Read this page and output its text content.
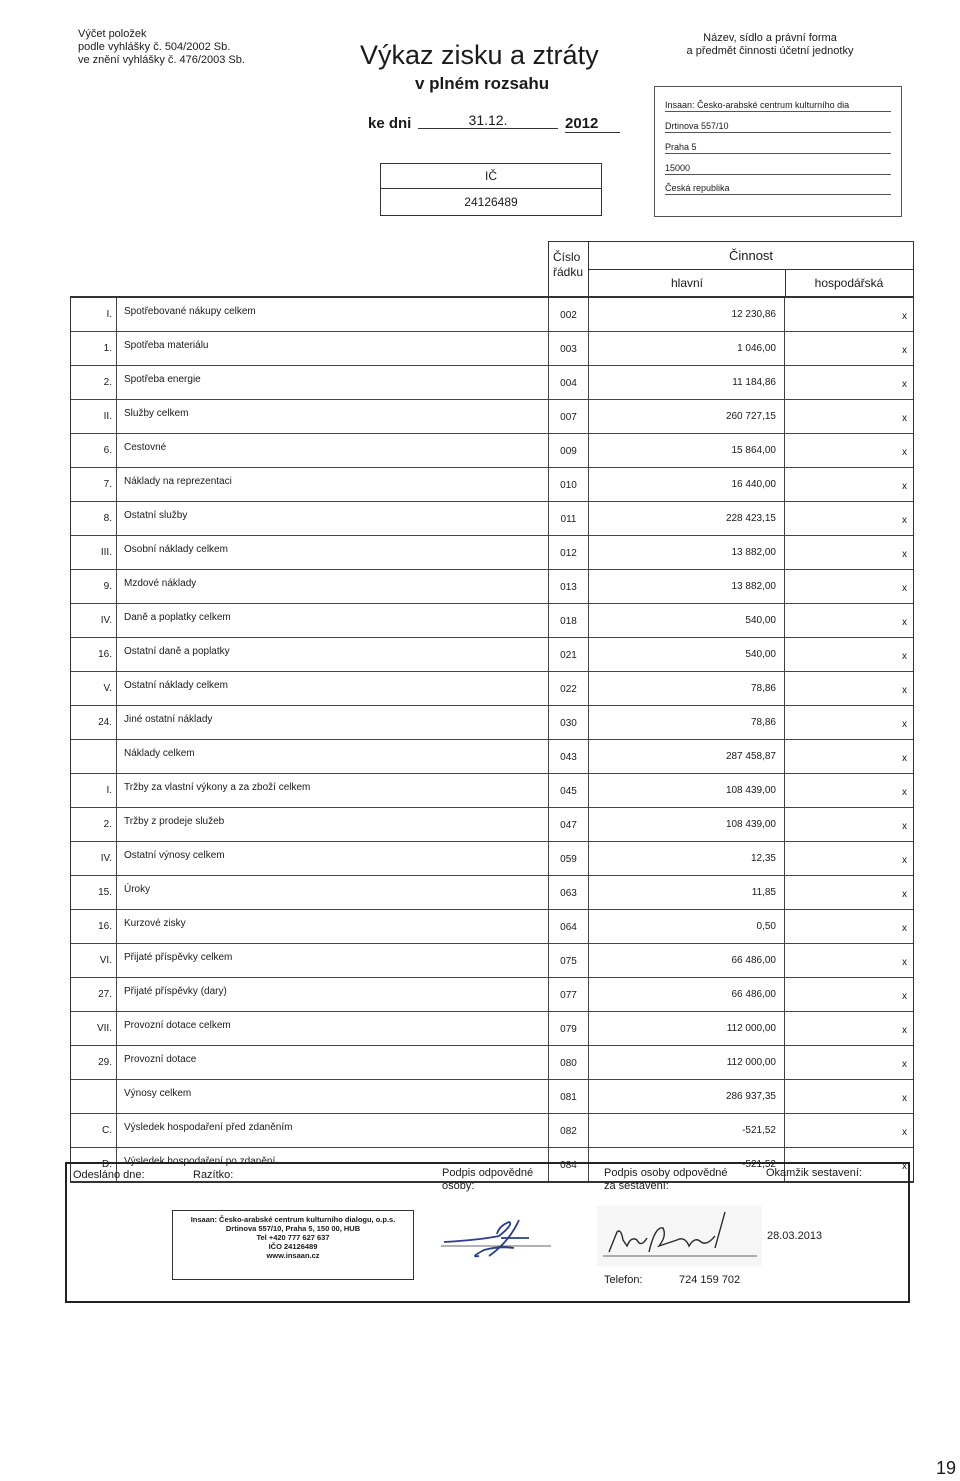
Výčet položek
podle vyhlášky č. 504/2002 Sb.
ve znění vyhlášky č. 476/2003 Sb.	Výkaz zisku a ztráty
v plném rozsahu
ke dni	31.12.	2012
IČ
24126489
Název, sídlo a právní forma
a předmět činnosti účetní jednotky
Insaan: Česko-arabské centrum kulturního dia
Drtinova 557/10
Praha 5
15000
Česká republika
Číslo řádku
Činnost
hlavní	hospodářská
I.	Spotřebované nákupy celkem	002	12 230,86	x
1.	Spotřeba materiálu	003	1 046,00	x
2.	Spotřeba energie	004	11 184,86	x
II.	Služby celkem	007	260 727,15	x
6.	Cestovné	009	15 864,00	x
7.	Náklady na reprezentaci	010	16 440,00	x
8.	Ostatní služby	011	228 423,15	x
III.	Osobní náklady celkem	012	13 882,00	x
9.	Mzdové náklady	013	13 882,00	x
IV.	Daně a poplatky celkem	018	540,00	x
16.	Ostatní daně a poplatky	021	540,00	x
V.	Ostatní náklady celkem	022	78,86	x
24.	Jiné ostatní náklady	030	78,86	x
Náklady celkem	043	287 458,87	x
I.	Tržby za vlastní výkony a za zboží celkem	045	108 439,00	x
2.	Tržby z prodeje služeb	047	108 439,00	x
IV.	Ostatní výnosy celkem	059	12,35	x
15.	Úroky	063	11,85	x
16.	Kurzové zisky	064	0,50	x
VI.	Přijaté příspěvky celkem	075	66 486,00	x
27.	Přijaté příspěvky (dary)	077	66 486,00	x
VII.	Provozní dotace celkem	079	112 000,00	x
29.	Provozní dotace	080	112 000,00	x
Výnosy celkem	081	286 937,35	x
C.	Výsledek hospodaření před zdaněním	082	-521,52	x
D.	Výsledek hospodaření po zdanění	084	-521,52	x
Odesláno dne:	Razítko:	Podpis odpovědné
osoby:
Podpis osoby odpovědné
za sestavení:
Okamžik sestavení:
Insaan: Česko-arabské centrum kulturního dialogu, o.p.s.
Drtinova 557/10, Praha 5, 150 00, HUB
Tel +420 777 627 637
IČO 24126489
www.insaan.cz
28.03.2013
Telefon:	724 159 702
19
